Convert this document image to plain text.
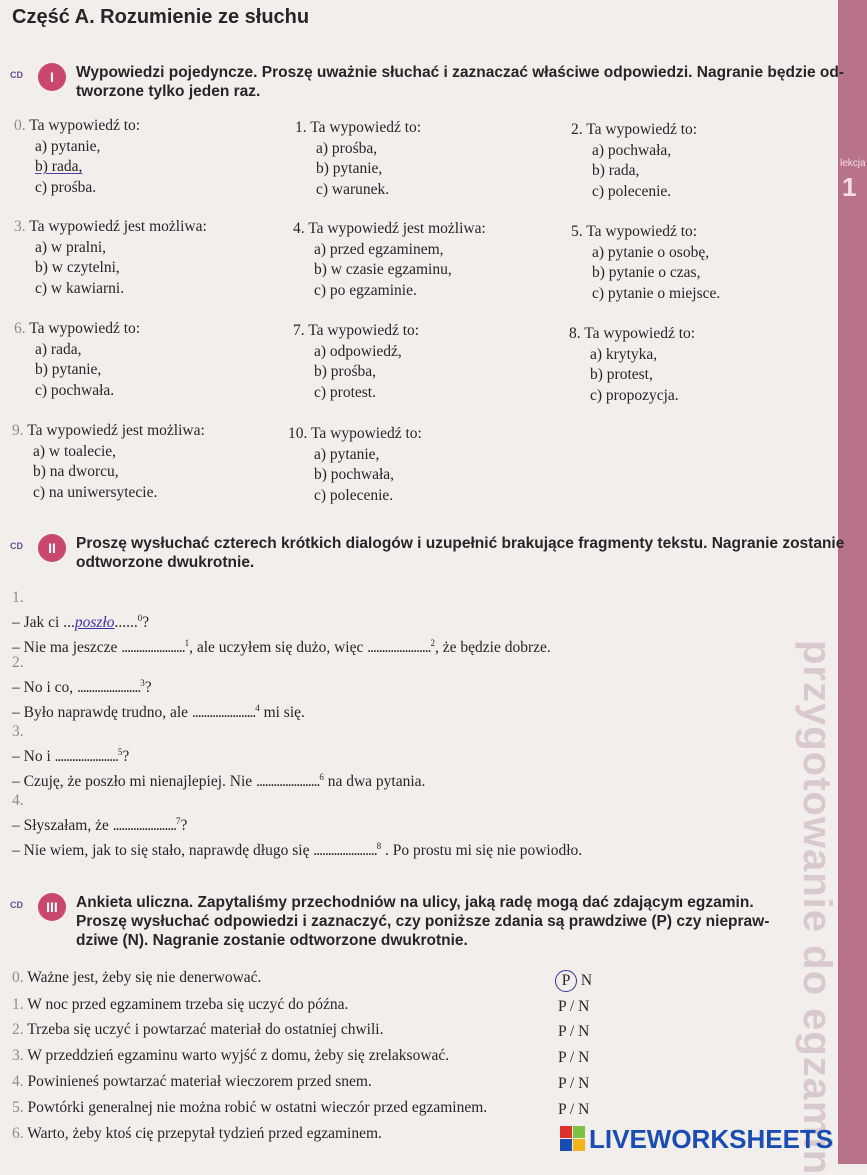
lekcja
1
przygotowanie do egzamin
Część A. Rozumienie ze słuchu
CD	I	Wypowiedzi pojedyncze. Proszę uważnie słuchać i zaznaczać właściwe odpowiedzi. Nagranie będzie od-
tworzone tylko jeden raz.
0. Ta wypowiedź to:
a) pytanie,
b) rada,
c) prośba.
1. Ta wypowiedź to:
a) prośba,
b) pytanie,
c) warunek.
2. Ta wypowiedź to:
a) pochwała,
b) rada,
c) polecenie.
3. Ta wypowiedź jest możliwa:
a) w pralni,
b) w czytelni,
c) w kawiarni.
4. Ta wypowiedź jest możliwa:
a) przed egzaminem,
b) w czasie egzaminu,
c) po egzaminie.
5. Ta wypowiedź to:
a) pytanie o osobę,
b) pytanie o czas,
c) pytanie o miejsce.
6. Ta wypowiedź to:
a) rada,
b) pytanie,
c) pochwała.
7. Ta wypowiedź to:
a) odpowiedź,
b) prośba,
c) protest.
8. Ta wypowiedź to:
a) krytyka,
b) protest,
c) propozycja.
9. Ta wypowiedź jest możliwa:
a) w toalecie,
b) na dworcu,
c) na uniwersytecie.
10. Ta wypowiedź to:
a) pytanie,
b) pochwała,
c) polecenie.
CD	II	Proszę wysłuchać czterech krótkich dialogów i uzupełnić brakujące fragmenty tekstu. Nagranie zostanie
odtworzone dwukrotnie.
1.
– Jak ci ...poszło......$^0$?
– Nie ma jeszcze ......................$^1$, ale uczyłem się dużo, więc ......................$^2$, że będzie dobrze.
2.
– No i co, ......................$^3$?
– Było naprawdę trudno, ale ......................$^4$ mi się.
3.
– No i ......................$^5$?
– Czuję, że poszło mi nienajlepiej. Nie ......................$^6$ na dwa pytania.
4.
– Słyszałam, że ......................$^7$?
– Nie wiem, jak to się stało, naprawdę długo się ......................$^8$ . Po prostu mi się nie powiodło.
CD	III	Ankieta uliczna. Zapytaliśmy przechodniów na ulicy, jaką radę mogą dać zdającym egzamin.
Proszę wysłuchać odpowiedzi i zaznaczyć, czy poniższe zdania są prawdziwe (P) czy niepraw-
dziwe (N). Nagranie zostanie odtworzone dwukrotnie.
0. Ważne jest, żeby się nie denerwować.	P N
1. W noc przed egzaminem trzeba się uczyć do późna.	P / N
2. Trzeba się uczyć i powtarzać materiał do ostatniej chwili.	P / N
3. W przeddzień egzaminu warto wyjść z domu, żeby się zrelaksować.	P / N
4. Powinieneś powtarzać materiał wieczorem przed snem.	P / N
5. Powtórki generalnej nie można robić w ostatni wieczór przed egzaminem.	P / N
6. Warto, żeby ktoś cię przepytał tydzień przed egzaminem.	LIVEWORKSHEETS
